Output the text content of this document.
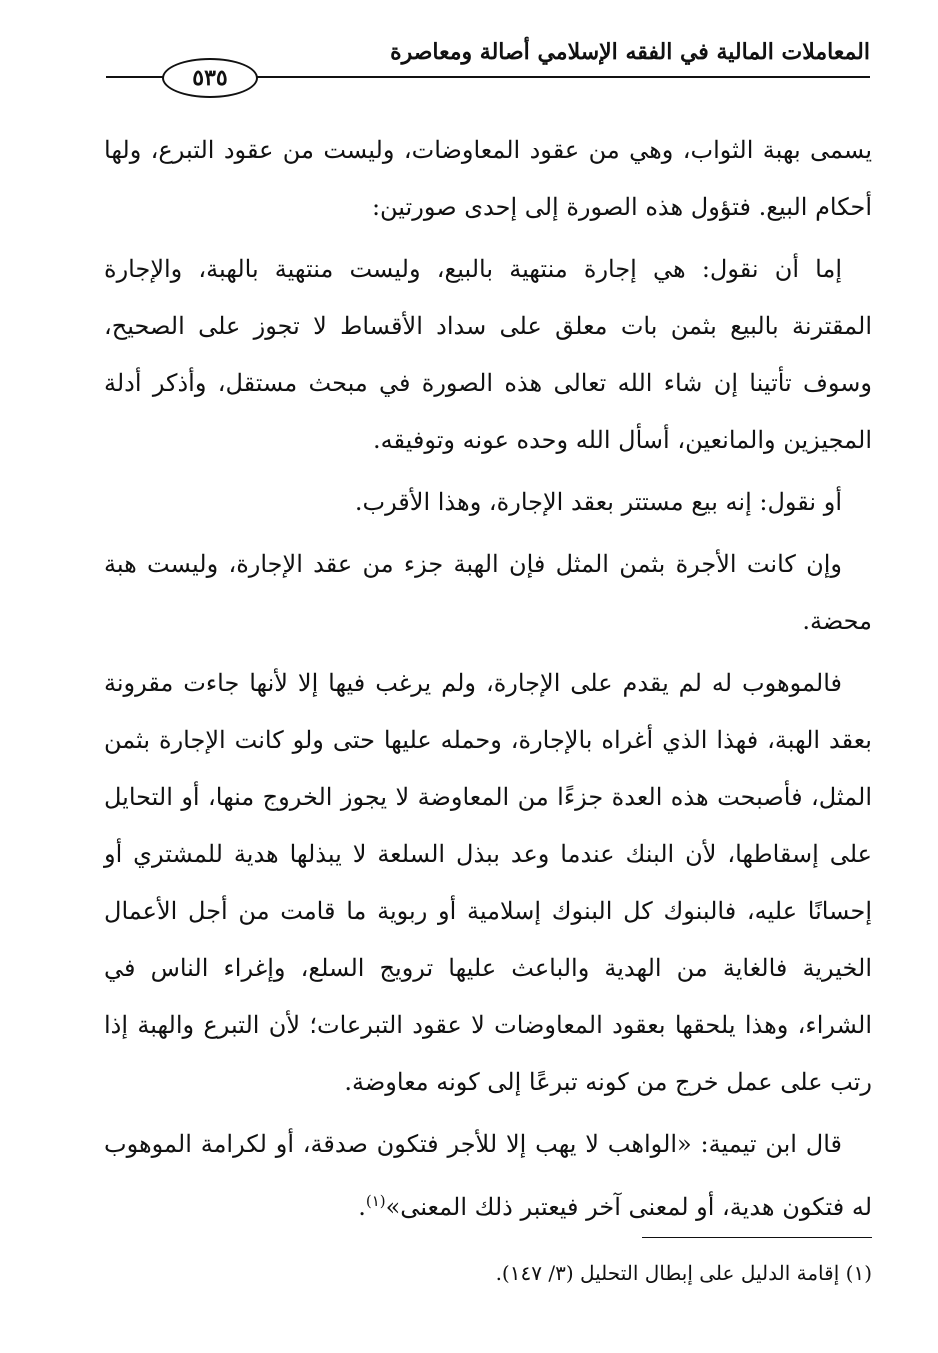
المعاملات المالية في الفقه الإسلامي أصالة ومعاصرة
٥٣٥

يسمى بهبة الثواب، وهي من عقود المعاوضات، وليست من عقود التبرع، ولها أحكام البيع. فتؤول هذه الصورة إلى إحدى صورتين:

إما أن نقول: هي إجارة منتهية بالبيع، وليست منتهية بالهبة، والإجارة المقترنة بالبيع بثمن بات معلق على سداد الأقساط لا تجوز على الصحيح، وسوف تأتينا إن شاء الله تعالى هذه الصورة في مبحث مستقل، وأذكر أدلة المجيزين والمانعين، أسأل الله وحده عونه وتوفيقه.

أو نقول: إنه بيع مستتر بعقد الإجارة، وهذا الأقرب.

وإن كانت الأجرة بثمن المثل فإن الهبة جزء من عقد الإجارة، وليست هبة محضة.

فالموهوب له لم يقدم على الإجارة، ولم يرغب فيها إلا لأنها جاءت مقرونة بعقد الهبة، فهذا الذي أغراه بالإجارة، وحمله عليها حتى ولو كانت الإجارة بثمن المثل، فأصبحت هذه العدة جزءًا من المعاوضة لا يجوز الخروج منها، أو التحايل على إسقاطها، لأن البنك عندما وعد ببذل السلعة لا يبذلها هدية للمشتري أو إحسانًا عليه، فالبنوك كل البنوك إسلامية أو ربوية ما قامت من أجل الأعمال الخيرية فالغاية من الهدية والباعث عليها ترويج السلع، وإغراء الناس في الشراء، وهذا يلحقها بعقود المعاوضات لا عقود التبرعات؛ لأن التبرع والهبة إذا رتب على عمل خرج من كونه تبرعًا إلى كونه معاوضة.

قال ابن تيمية: «الواهب لا يهب إلا للأجر فتكون صدقة، أو لكرامة الموهوب له فتكون هدية، أو لمعنى آخر فيعتبر ذلك المعنى»$^{(١)}$.

(١) إقامة الدليل على إبطال التحليل (٣/ ١٤٧).
